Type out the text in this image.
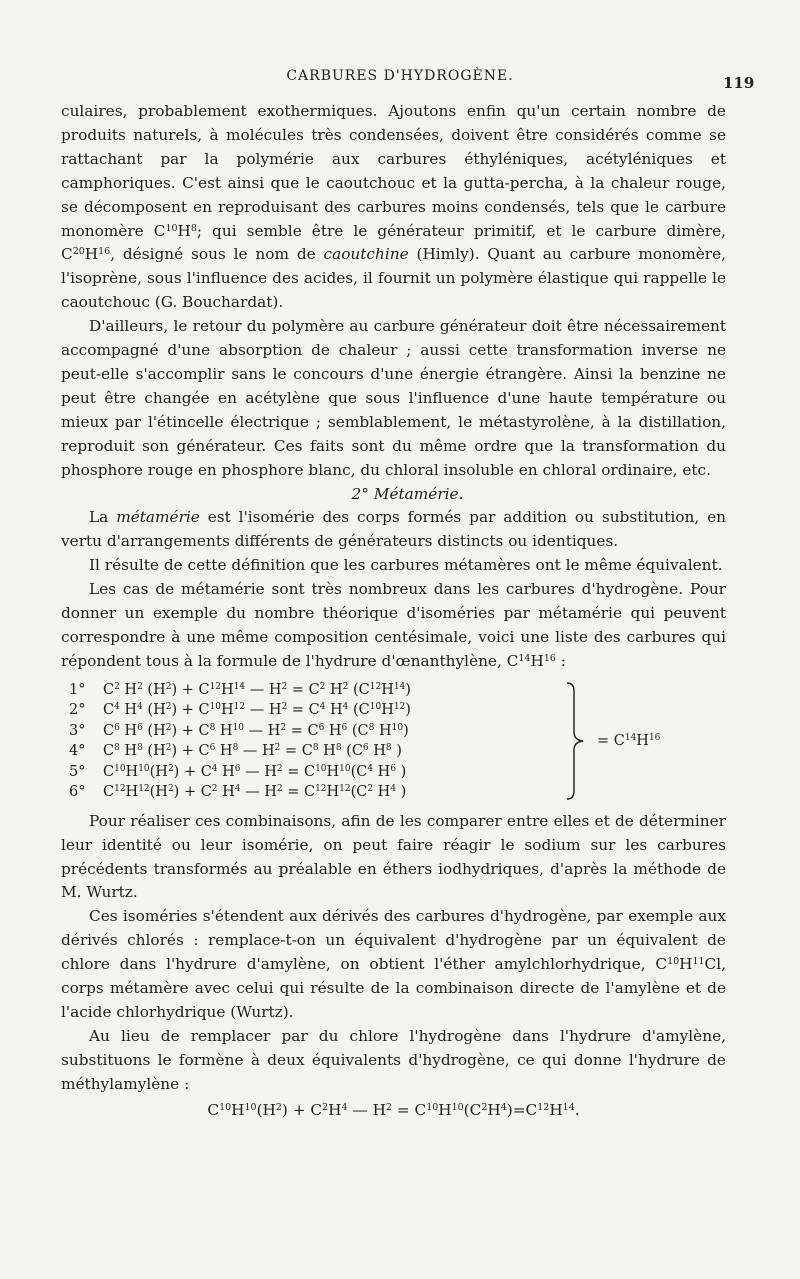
CARBURES D'HYDROGÈNE.	119

culaires, probablement exothermiques. Ajoutons enfin qu'un certain nombre de produits naturels, à molécules très condensées, doivent être considérés comme se rattachant par la polymérie aux carbures éthyléniques, acétyléniques et camphoriques. C'est ainsi que le caoutchouc et la gutta-percha, à la chaleur rouge, se décomposent en reproduisant des carbures moins condensés, tels que le carbure monomère $C^{10}H^8$; qui semble être le générateur primitif, et le carbure dimère, $C^{20}H^{16}$, désigné sous le nom de caoutchine (Himly). Quant au carbure monomère, l'isoprène, sous l'influence des acides, il fournit un polymère élastique qui rappelle le caoutchouc (G. Bouchardat).

D'ailleurs, le retour du polymère au carbure générateur doit être nécessairement accompagné d'une absorption de chaleur ; aussi cette transformation inverse ne peut-elle s'accomplir sans le concours d'une énergie étrangère. Ainsi la benzine ne peut être changée en acétylène que sous l'influence d'une haute température ou mieux par l'étincelle électrique ; semblablement, le métastyrolène, à la distillation, reproduit son générateur. Ces faits sont du même ordre que la transformation du phosphore rouge en phosphore blanc, du chloral insoluble en chloral ordinaire, etc.

2° Métamérie.

La métamérie est l'isomérie des corps formés par addition ou substitution, en vertu d'arrangements différents de générateurs distincts ou identiques.

Il résulte de cette définition que les carbures métamères ont le même équivalent.

Les cas de métamérie sont très nombreux dans les carbures d'hydrogène. Pour donner un exemple du nombre théorique d'isoméries par métamérie qui peuvent correspondre à une même composition centésimale, voici une liste des carbures qui répondent tous à la formule de l'hydrure d'œnanthylène, $C^{14}H^{16}$ :

1° $C^2$ $H^2$ $(H^2) + C^{12}H^{14}$ — $H^2 = C^2$ $H^2$ $(C^{12}H^{14})$
2° $C^4$ $H^4$ $(H^2) + C^{10}H^{12}$ — $H^2 = C^4$ $H^4$ $(C^{10}H^{12})$
3° $C^6$ $H^6$ $(H^2) + C^8$ $H^{10}$ — $H^2 = C^6$ $H^6$ ($C^8$ $H^{10}$)
4° $C^8$ $H^8$ $(H^2) + C^6$ $H^8$ — $H^2 = C^8$ $H^8$ ($C^6$ $H^8$ )
5° $C^{10}H^{10}(H^2) + C^4$ $H^6$ — $H^2 = C^{10}H^{10}(C^4$ $H^6$ )
6° $C^{12}H^{12}(H^2) + C^2$ $H^4$ — $H^2 = C^{12}H^{12}(C^2$ $H^4$ )
= $C^{14}H^{16}$

Pour réaliser ces combinaisons, afin de les comparer entre elles et de déterminer leur identité ou leur isomérie, on peut faire réagir le sodium sur les carbures précédents transformés au préalable en éthers iodhydriques, d'après la méthode de M. Wurtz.

Ces isoméries s'étendent aux dérivés des carbures d'hydrogène, par exemple aux dérivés chlorés : remplace-t-on un équivalent d'hydrogène par un équivalent de chlore dans l'hydrure d'amylène, on obtient l'éther amylchlorhydrique, $C^{10}H^{11}Cl$, corps métamère avec celui qui résulte de la combinaison directe de l'amylène et de l'acide chlorhydrique (Wurtz).

Au lieu de remplacer par du chlore l'hydrogène dans l'hydrure d'amylène, substituons le formène à deux équivalents d'hydrogène, ce qui donne l'hydrure de méthylamylène :

$C^{10}H^{10}(H^2) + C^2H^4$ — $H^2 = C^{10}H^{10}(C^2H^4)=C^{12}H^{14}$.
